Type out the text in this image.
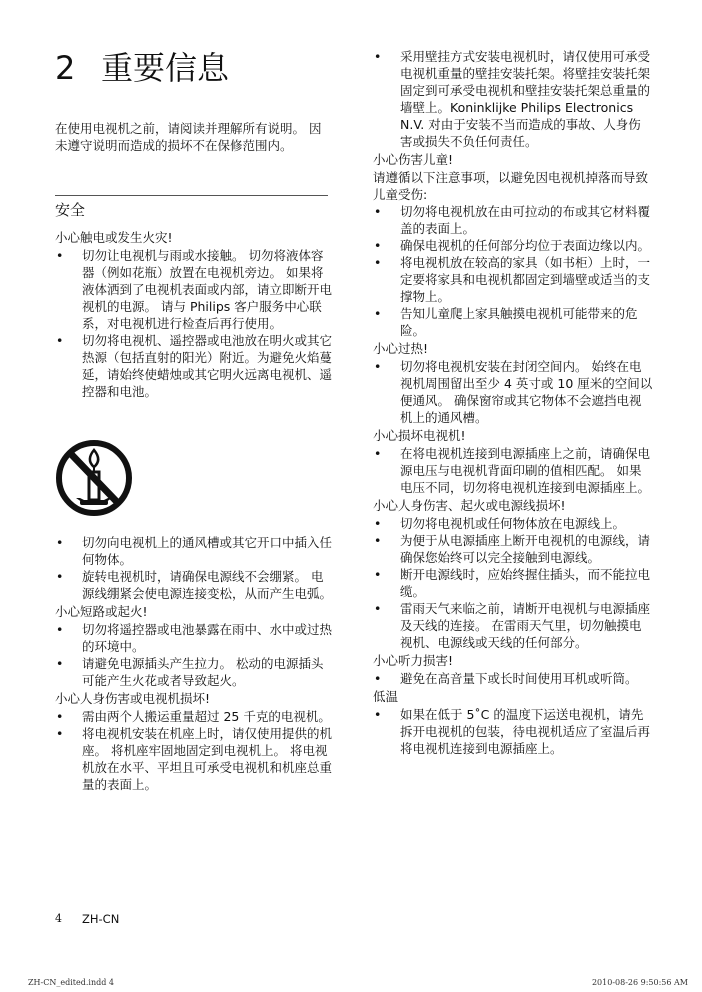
2 重要信息
在使用电视机之前，请阅读并理解所有说明。 因未遵守说明而造成的损坏不在保修范围内。
安全

小心触电或发生火灾!

• 切勿让电视机与雨或水接触。 切勿将液体容器（例如花瓶）放置在电视机旁边。 如果将液体洒到了电视机表面或内部，请立即断开电视机的电源。 请与 Philips 客户服务中心联系，对电视机进行检查后再行使用。
• 切勿将电视机、遥控器或电池放在明火或其它热源（包括直射的阳光）附近。为避免火焰蔓延，请始终使蜡烛或其它明火远离电视机、遥控器和电池。
• 切勿向电视机上的通风槽或其它开口中插入任何物体。
• 旋转电视机时，请确保电源线不会绷紧。 电源线绷紧会使电源连接变松，从而产生电弧。

小心短路或起火!

• 切勿将遥控器或电池暴露在雨中、水中或过热的环境中。
• 请避免电源插头产生拉力。 松动的电源插头可能产生火花或者导致起火。

小心人身伤害或电视机损坏!

• 需由两个人搬运重量超过 25 千克的电视机。
• 将电视机安装在机座上时，请仅使用提供的机座。 将机座牢固地固定到电视机上。 将电视机放在水平、平坦且可承受电视机和机座总重量的表面上。
• 采用壁挂方式安装电视机时，请仅使用可承受电视机重量的壁挂安装托架。将壁挂安装托架固定到可承受电视机和壁挂安装托架总重量的墙壁上。Koninklijke Philips Electronics N.V. 对由于安装不当而造成的事故、人身伤害或损失不负任何责任。

小心伤害儿童!

请遵循以下注意事项，以避免因电视机掉落而导致儿童受伤:

• 切勿将电视机放在由可拉动的布或其它材料覆盖的表面上。
• 确保电视机的任何部分均位于表面边缘以内。
• 将电视机放在较高的家具（如书柜）上时，一定要将家具和电视机都固定到墙壁或适当的支撑物上。
• 告知儿童爬上家具触摸电视机可能带来的危险。

小心过热!

• 切勿将电视机安装在封闭空间内。 始终在电视机周围留出至少 4 英寸或 10 厘米的空间以便通风。 确保窗帘或其它物体不会遮挡电视机上的通风槽。

小心损坏电视机!

• 在将电视机连接到电源插座上之前，请确保电源电压与电视机背面印刷的值相匹配。 如果电压不同，切勿将电视机连接到电源插座上。

小心人身伤害、起火或电源线损坏!

• 切勿将电视机或任何物体放在电源线上。
• 为便于从电源插座上断开电视机的电源线，请确保您始终可以完全接触到电源线。
• 断开电源线时，应始终握住插头，而不能拉电缆。
• 雷雨天气来临之前，请断开电视机与电源插座及天线的连接。 在雷雨天气里，切勿触摸电视机、电源线或天线的任何部分。

小心听力损害!

• 避免在高音量下或长时间使用耳机或听筒。

低温

• 如果在低于 5˚C 的温度下运送电视机，请先拆开电视机的包装，待电视机适应了室温后再将电视机连接到电源插座上。
4 ZH-CN
ZH-CN_edited.indd 4	2010-08-26 9:50:56 AM
